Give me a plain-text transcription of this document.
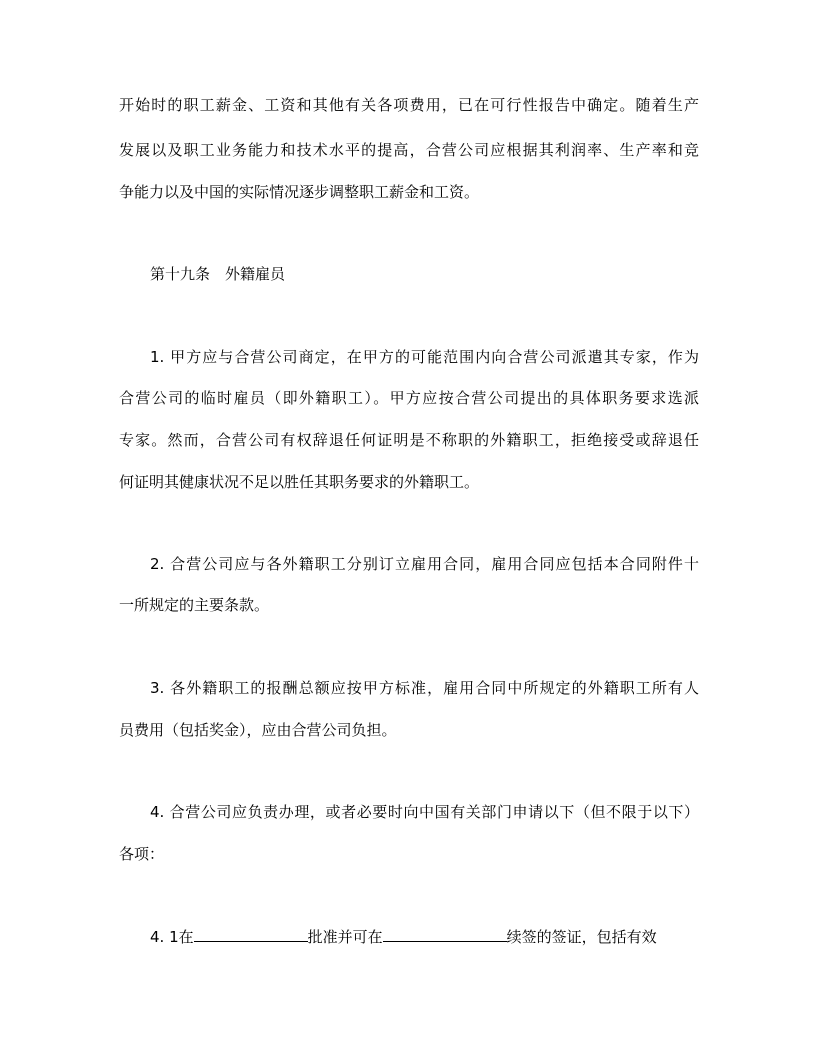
开始时的职工薪金、工资和其他有关各项费用，已在可行性报告中确定。随着生产
发展以及职工业务能力和技术水平的提高，合营公司应根据其利润率、生产率和竞
争能力以及中国的实际情况逐步调整职工薪金和工资。
第十九条　外籍雇员
1. 甲方应与合营公司商定，在甲方的可能范围内向合营公司派遣其专家，作为
合营公司的临时雇员（即外籍职工）。甲方应按合营公司提出的具体职务要求选派
专家。然而，合营公司有权辞退任何证明是不称职的外籍职工，拒绝接受或辞退任
何证明其健康状况不足以胜任其职务要求的外籍职工。
2. 合营公司应与各外籍职工分别订立雇用合同，雇用合同应包括本合同附件十
一所规定的主要条款。
3. 各外籍职工的报酬总额应按甲方标准，雇用合同中所规定的外籍职工所有人
员费用（包括奖金），应由合营公司负担。
4. 合营公司应负责办理，或者必要时向中国有关部门申请以下（但不限于以下）
各项：
4. 1在	批准并可在	续签的签证，包括有效
